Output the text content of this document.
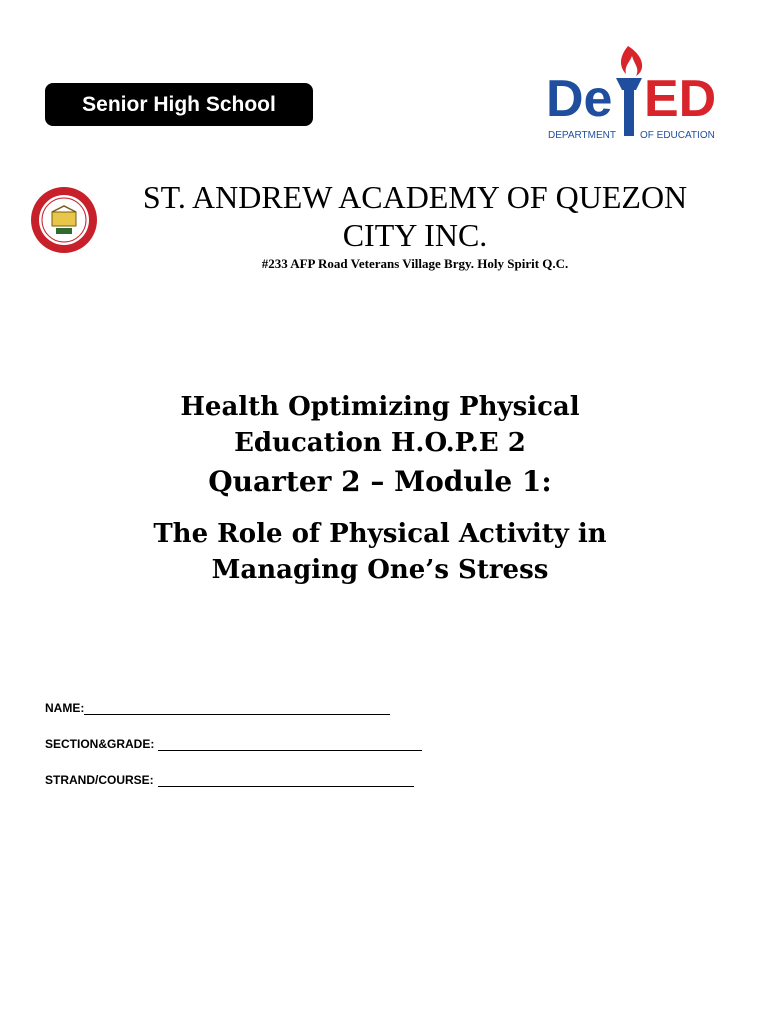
Senior High School	De ED
DEPARTMENT OF EDUCATION
ST. ANDREW ACADEMY OF QUEZON CITY INC.
#233 AFP Road Veterans Village Brgy. Holy Spirit Q.C.
Health Optimizing Physical
Education H.O.P.E 2
Quarter 2 – Module 1:
The Role of Physical Activity in
Managing One’s Stress
NAME:
SECTION&GRADE:
STRAND/COURSE:
